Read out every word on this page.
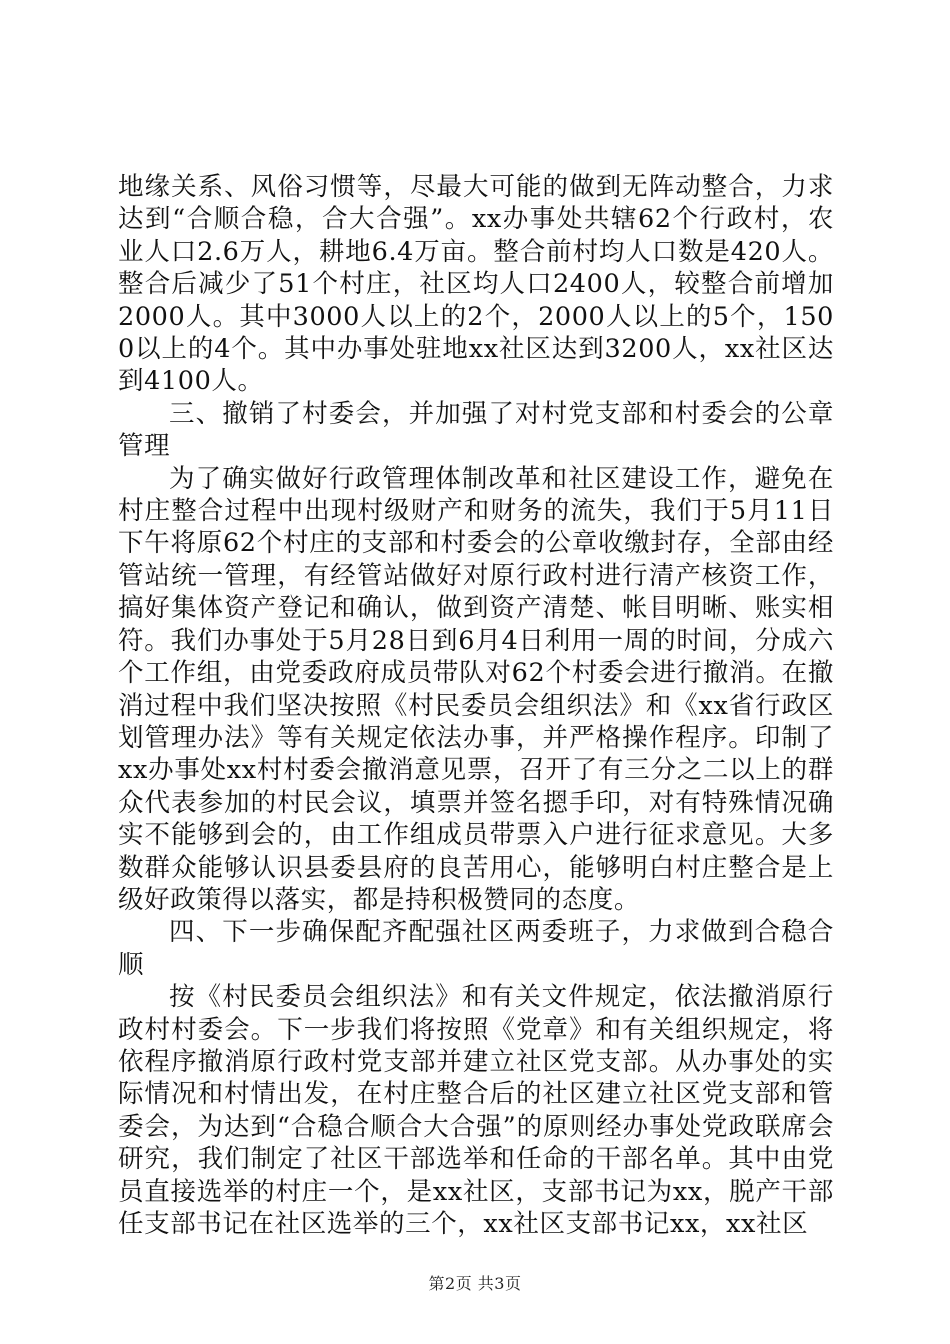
地缘关系、风俗习惯等，尽最大可能的做到无阵动整合，力求达到“合顺合稳，合大合强”。xx办事处共辖62个行政村，农业人口2.6万人，耕地6.4万亩。整合前村均人口数是420人。整合后减少了51个村庄，社区均人口2400人，较整合前增加2000人。其中3000人以上的2个，2000人以上的5个，1500以上的4个。其中办事处驻地xx社区达到3200人，xx社区达到4100人。

三、撤销了村委会，并加强了对村党支部和村委会的公章管理

为了确实做好行政管理体制改革和社区建设工作，避免在村庄整合过程中出现村级财产和财务的流失，我们于5月11日下午将原62个村庄的支部和村委会的公章收缴封存，全部由经管站统一管理，有经管站做好对原行政村进行清产核资工作，搞好集体资产登记和确认，做到资产清楚、帐目明晰、账实相符。我们办事处于5月28日到6月4日利用一周的时间，分成六个工作组，由党委政府成员带队对62个村委会进行撤消。在撤消过程中我们坚决按照《村民委员会组织法》和《xx省行政区划管理办法》等有关规定依法办事，并严格操作程序。印制了xx办事处xx村村委会撤消意见票，召开了有三分之二以上的群众代表参加的村民会议，填票并签名摁手印，对有特殊情况确实不能够到会的，由工作组成员带票入户进行征求意见。大多数群众能够认识县委县府的良苦用心，能够明白村庄整合是上级好政策得以落实，都是持积极赞同的态度。

四、下一步确保配齐配强社区两委班子，力求做到合稳合顺

按《村民委员会组织法》和有关文件规定，依法撤消原行政村村委会。下一步我们将按照《党章》和有关组织规定，将依程序撤消原行政村党支部并建立社区党支部。从办事处的实际情况和村情出发，在村庄整合后的社区建立社区党支部和管委会，为达到“合稳合顺合大合强”的原则经办事处党政联席会研究，我们制定了社区干部选举和任命的干部名单。其中由党员直接选举的村庄一个，是xx社区，支部书记为xx，脱产干部任支部书记在社区选举的三个，xx社区支部书记xx，xx社区

第2页 共3页
